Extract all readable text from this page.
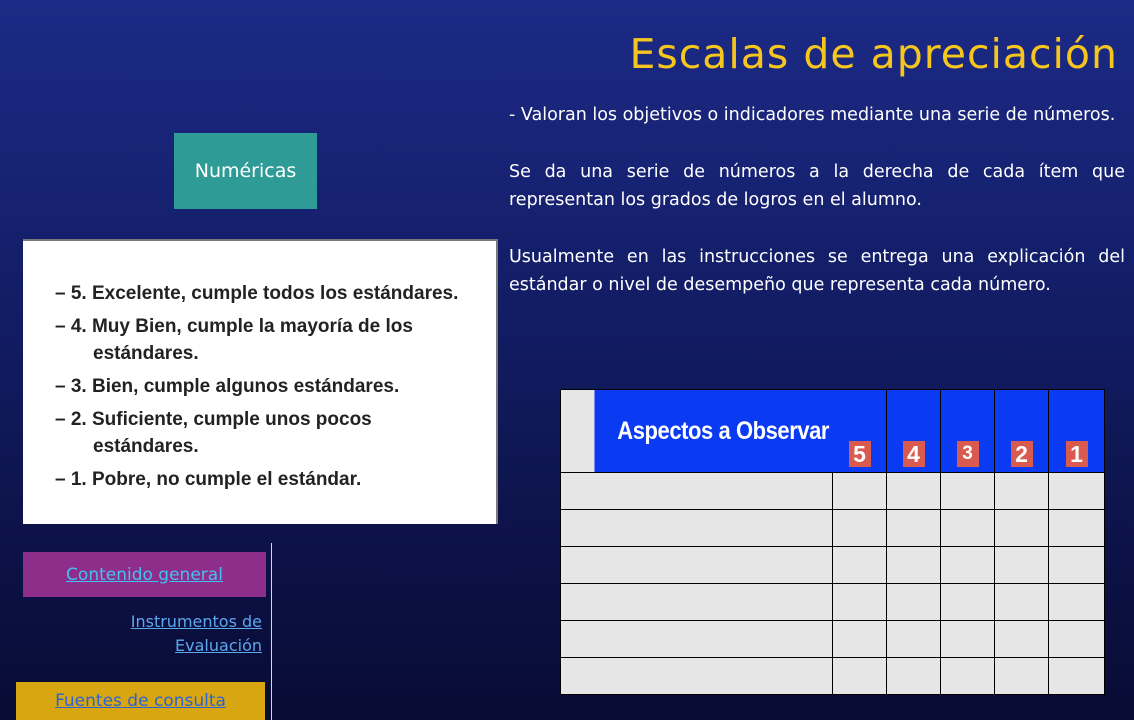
Escalas de apreciación
Numéricas

- Valoran los objetivos o indicadores mediante una serie de números.

Se da una serie de números a la derecha de cada ítem que representan los grados de logros en el alumno.

Usualmente en las instrucciones se entrega una explicación del estándar o nivel de desempeño que representa cada número.

– 5. Excelente, cumple todos los estándares.
– 4. Muy Bien, cumple la mayoría de los
estándares.
– 3. Bien, cumple algunos estándares.
– 2. Suficiente, cumple unos pocos
estándares.
– 1. Pobre, no cumple el estándar.
Contenido general
Instrumentos de Evaluación
Fuentes de consulta
Aspectos a Observar	5	4	3	2	1
